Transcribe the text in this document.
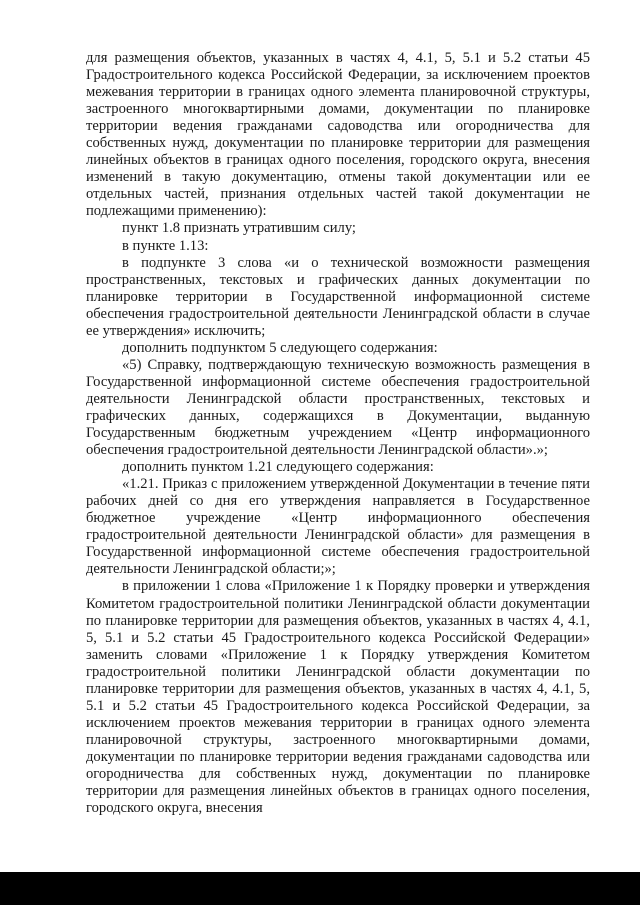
для размещения объектов, указанных в частях 4, 4.1, 5, 5.1 и 5.2 статьи 45 Градостроительного кодекса Российской Федерации, за исключением проектов межевания территории в границах одного элемента планировочной структуры, застроенного многоквартирными домами, документации по планировке территории ведения гражданами садоводства или огородничества для собственных нужд, документации по планировке территории для размещения линейных объектов в границах одного поселения, городского округа, внесения изменений в такую документацию, отмены такой документации или ее отдельных частей, признания отдельных частей такой документации не подлежащими применению):

пункт 1.8 признать утратившим силу;

в пункте 1.13:

в подпункте 3 слова «и о технической возможности размещения пространственных, текстовых и графических данных документации по планировке территории в Государственной информационной системе обеспечения градостроительной деятельности Ленинградской области в случае ее утверждения» исключить;

дополнить подпунктом 5 следующего содержания:

«5) Справку, подтверждающую техническую возможность размещения в Государственной информационной системе обеспечения градостроительной деятельности Ленинградской области пространственных, текстовых и графических данных, содержащихся в Документации, выданную Государственным бюджетным учреждением «Центр информационного обеспечения градостроительной деятельности Ленинградской области».»;

дополнить пунктом 1.21 следующего содержания:

«1.21. Приказ с приложением утвержденной Документации в течение пяти рабочих дней со дня его утверждения направляется в Государственное бюджетное учреждение «Центр информационного обеспечения градостроительной деятельности Ленинградской области» для размещения в Государственной информационной системе обеспечения градостроительной деятельности Ленинградской области;»;

в приложении 1 слова «Приложение 1 к Порядку проверки и утверждения Комитетом градостроительной политики Ленинградской области документации по планировке территории для размещения объектов, указанных в частях 4, 4.1, 5, 5.1 и 5.2 статьи 45 Градостроительного кодекса Российской Федерации» заменить словами «Приложение 1 к Порядку утверждения Комитетом градостроительной политики Ленинградской области документации по планировке территории для размещения объектов, указанных в частях 4, 4.1, 5, 5.1 и 5.2 статьи 45 Градостроительного кодекса Российской Федерации, за исключением проектов межевания территории в границах одного элемента планировочной структуры, застроенного многоквартирными домами, документации по планировке территории ведения гражданами садоводства или огородничества для собственных нужд, документации по планировке территории для размещения линейных объектов в границах одного поселения, городского округа, внесения
